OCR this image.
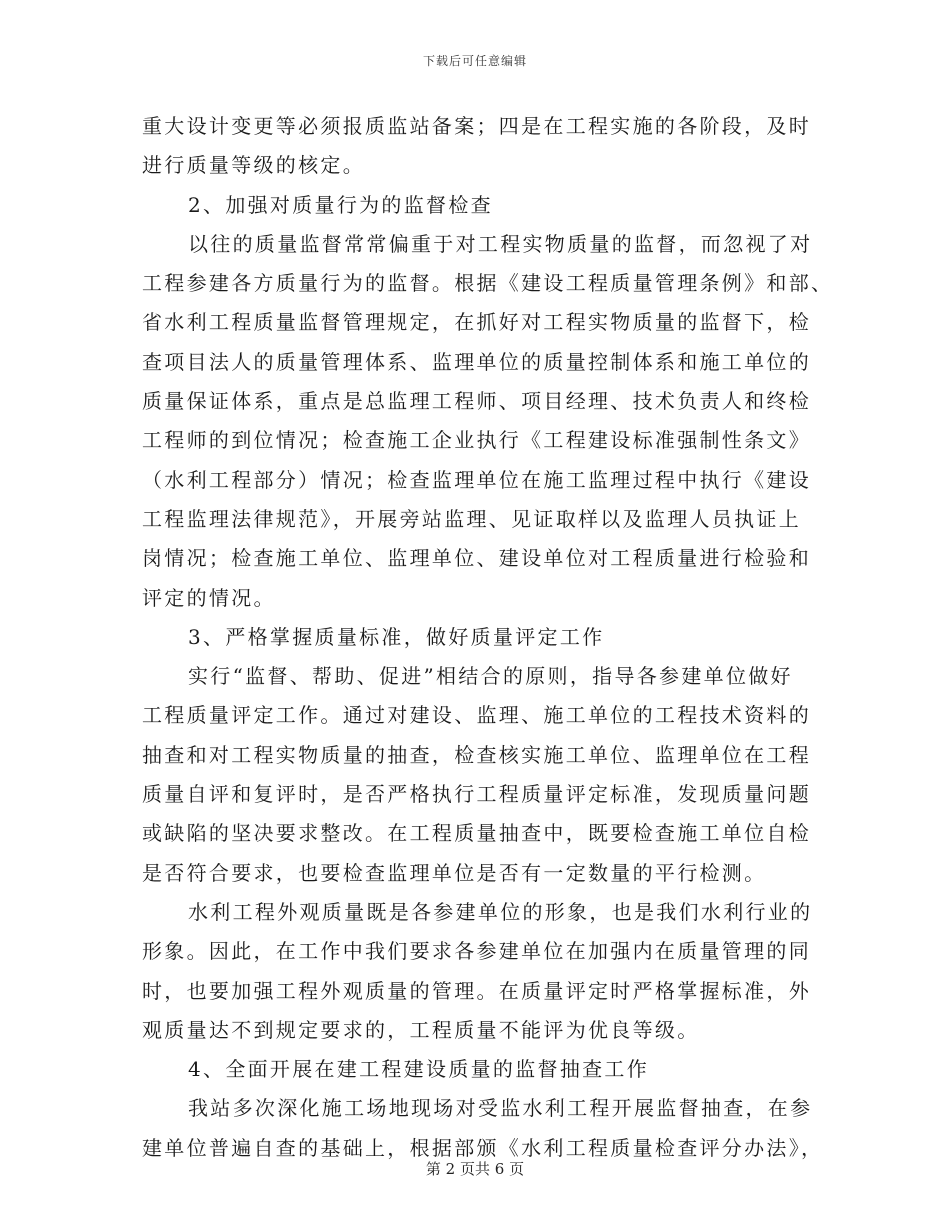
下载后可任意编辑
重大设计变更等必须报质监站备案；四是在工程实施的各阶段，及时
进行质量等级的核定。
2、加强对质量行为的监督检查
以往的质量监督常常偏重于对工程实物质量的监督，而忽视了对
工程参建各方质量行为的监督。根据《建设工程质量管理条例》和部、
省水利工程质量监督管理规定，在抓好对工程实物质量的监督下，检
查项目法人的质量管理体系、监理单位的质量控制体系和施工单位的
质量保证体系，重点是总监理工程师、项目经理、技术负责人和终检
工程师的到位情况；检查施工企业执行《工程建设标准强制性条文》
（水利工程部分）情况；检查监理单位在施工监理过程中执行《建设
工程监理法律规范》，开展旁站监理、见证取样以及监理人员执证上
岗情况；检查施工单位、监理单位、建设单位对工程质量进行检验和
评定的情况。
3、严格掌握质量标准，做好质量评定工作
实行“监督、帮助、促进”相结合的原则，指导各参建单位做好
工程质量评定工作。通过对建设、监理、施工单位的工程技术资料的
抽查和对工程实物质量的抽查，检查核实施工单位、监理单位在工程
质量自评和复评时，是否严格执行工程质量评定标准，发现质量问题
或缺陷的坚决要求整改。在工程质量抽查中，既要检查施工单位自检
是否符合要求，也要检查监理单位是否有一定数量的平行检测。
水利工程外观质量既是各参建单位的形象，也是我们水利行业的
形象。因此，在工作中我们要求各参建单位在加强内在质量管理的同
时，也要加强工程外观质量的管理。在质量评定时严格掌握标准，外
观质量达不到规定要求的，工程质量不能评为优良等级。
4、全面开展在建工程建设质量的监督抽查工作
我站多次深化施工场地现场对受监水利工程开展监督抽查，在参
建单位普遍自查的基础上，根据部颁《水利工程质量检查评分办法》，
第 2 页共 6 页
